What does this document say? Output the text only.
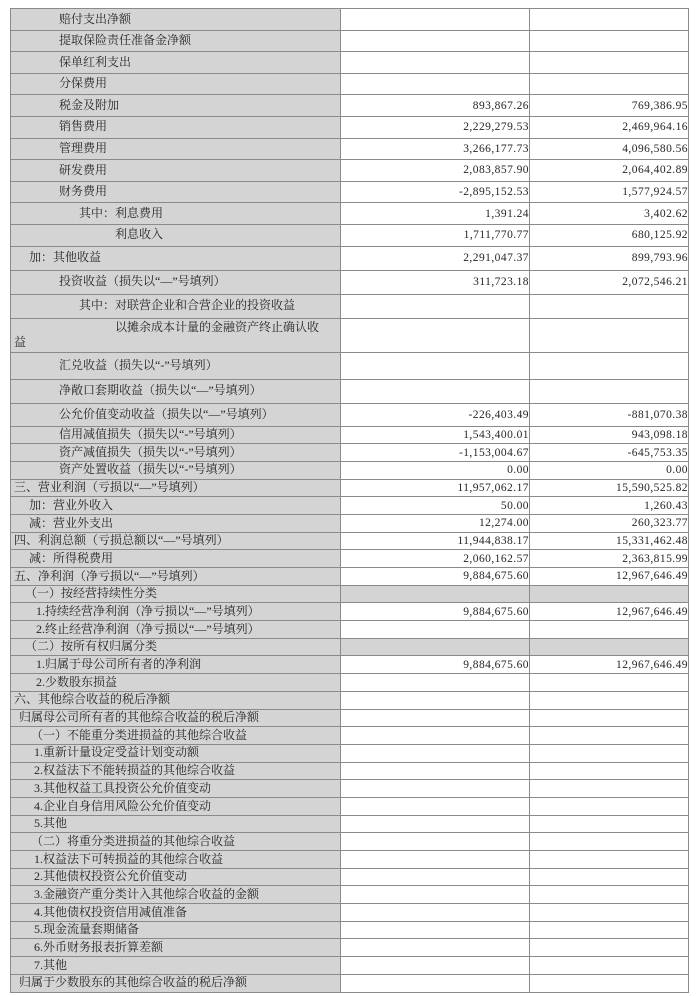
赔付支出净额		

提取保险责任准备金净额		

保单红利支出		

分保费用		

税金及附加	893,867.26	769,386.95

销售费用	2,229,279.53	2,469,964.16

管理费用	3,266,177.73	4,096,580.56

研发费用	2,083,857.90	2,064,402.89

财务费用	-2,895,152.53	1,577,924.57

其中：利息费用	1,391.24	3,402.62

利息收入	1,711,770.77	680,125.92

加：其他收益	2,291,047.37	899,793.96

投资收益（损失以“—”号填列）	311,723.18	2,072,546.21

其中：对联营企业和合营企业的投资收益		

以摊余成本计量的金融资产终止确认收益		

汇兑收益（损失以“-”号填列）		

净敞口套期收益（损失以“—”号填列）		

公允价值变动收益（损失以“—”号填列）	-226,403.49	-881,070.38

信用减值损失（损失以“-”号填列）	1,543,400.01	943,098.18

资产减值损失（损失以“-”号填列）	-1,153,004.67	-645,753.35

资产处置收益（损失以“-”号填列）	0.00	0.00

三、营业利润（亏损以“—”号填列）	11,957,062.17	15,590,525.82

加：营业外收入	50.00	1,260.43

减：营业外支出	12,274.00	260,323.77

四、利润总额（亏损总额以“—”号填列）	11,944,838.17	15,331,462.48

减：所得税费用	2,060,162.57	2,363,815.99

五、净利润（净亏损以“—”号填列）	9,884,675.60	12,967,646.49

（一）按经营持续性分类		

1.持续经营净利润（净亏损以“—”号填列）	9,884,675.60	12,967,646.49

2.终止经营净利润（净亏损以“—”号填列）		

（二）按所有权归属分类		

1.归属于母公司所有者的净利润	9,884,675.60	12,967,646.49

2.少数股东损益		

六、其他综合收益的税后净额		

归属母公司所有者的其他综合收益的税后净额		

（一）不能重分类进损益的其他综合收益		

1.重新计量设定受益计划变动额		

2.权益法下不能转损益的其他综合收益		

3.其他权益工具投资公允价值变动		

4.企业自身信用风险公允价值变动		

5.其他		

（二）将重分类进损益的其他综合收益		

1.权益法下可转损益的其他综合收益		

2.其他债权投资公允价值变动		

3.金融资产重分类计入其他综合收益的金额		

4.其他债权投资信用减值准备		

5.现金流量套期储备		

6.外币财务报表折算差额		

7.其他		

归属于少数股东的其他综合收益的税后净额		
